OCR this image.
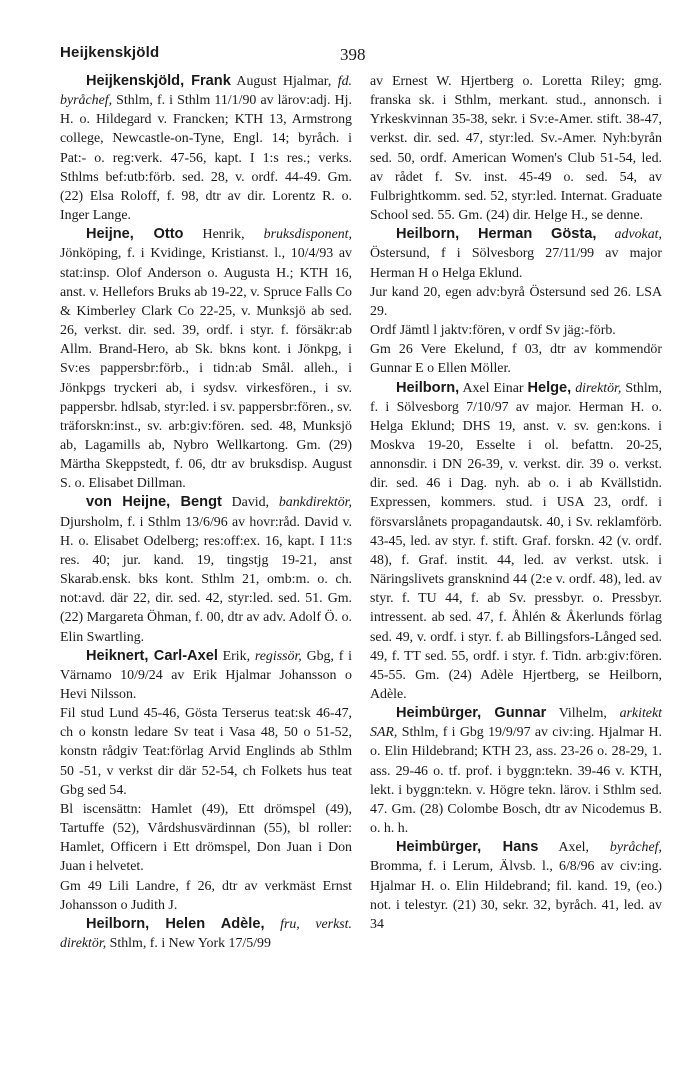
Heijkenskjöld	398

Heijkenskjöld, Frank August Hjalmar, fd. byråchef, Sthlm, f. i Sthlm 11/1/90 av lärov:adj. Hj. H. o. Hildegard v. Francken; KTH 13, Armstrong college, Newcastle-on-Tyne, Engl. 14; byråch. i Pat:- o. reg:verk. 47-56, kapt. I 1:s res.; verks. Sthlms bef:utb:förb. sed. 28, v. ordf. 44-49. Gm. (22) Elsa Roloff, f. 98, dtr av dir. Lorentz R. o. Inger Lange.

Heijne, Otto Henrik, bruksdisponent, Jönköping, f. i Kvidinge, Kristianst. l., 10/4/93 av stat:insp. Olof Anderson o. Augusta H.; KTH 16, anst. v. Hellefors Bruks ab 19-22, v. Spruce Falls Co & Kimberley Clark Co 22-25, v. Munksjö ab sed. 26, verkst. dir. sed. 39, ordf. i styr. f. försäkr:ab Allm. Brand-Hero, ab Sk. bkns kont. i Jönkpg, i Sv:es pappersbr:förb., i tidn:ab Smål. alleh., i Jönkpgs tryckeri ab, i sydsv. virkesfören., i sv. pappersbr. hdlsab, styr:led. i sv. pappersbr:fören., sv. träforskn:inst., sv. arb:giv:fören. sed. 48, Munksjö ab, Lagamills ab, Nybro Wellkartong. Gm. (29) Märtha Skeppstedt, f. 06, dtr av bruksdisp. August S. o. Elisabet Dillman.

von Heijne, Bengt David, bankdirektör, Djursholm, f. i Sthlm 13/6/96 av hovr:råd. David v. H. o. Elisabet Odelberg; res:off:ex. 16, kapt. I 11:s res. 40; jur. kand. 19, tingstjg 19-21, anst Skarab.ensk. bks kont. Sthlm 21, omb:m. o. ch. not:avd. där 22, dir. sed. 42, styr:led. sed. 51. Gm. (22) Margareta Öhman, f. 00, dtr av adv. Adolf Ö. o. Elin Swartling.

Heiknert, Carl-Axel Erik, regissör, Gbg, f i Värnamo 10/9/24 av Erik Hjalmar Johansson o Hevi Nilsson.

Fil stud Lund 45-46, Gösta Terserus teat:sk 46-47, ch o konstn ledare Sv teat i Vasa 48, 50 o 51-52, konstn rådgiv Teat:förlag Arvid Englinds ab Sthlm 50 -51, v verkst dir där 52-54, ch Folkets hus teat Gbg sed 54.

Bl iscensättn: Hamlet (49), Ett drömspel (49), Tartuffe (52), Vårdshusvärdinnan (55), bl roller: Hamlet, Officern i Ett drömspel, Don Juan i Don Juan i helvetet.

Gm 49 Lili Landre, f 26, dtr av verkmäst Ernst Johansson o Judith J.

Heilborn, Helen Adèle, fru, verkst. direktör, Sthlm, f. i New York 17/5/99

av Ernest W. Hjertberg o. Loretta Riley; gmg. franska sk. i Sthlm, merkant. stud., annonsch. i Yrkeskvinnan 35-38, sekr. i Sv:e-Amer. stift. 38-47, verkst. dir. sed. 47, styr:led. Sv.-Amer. Nyh:byrån sed. 50, ordf. American Women's Club 51-54, led. av rådet f. Sv. inst. 45-49 o. sed. 54, av Fulbrightkomm. sed. 52, styr:led. Internat. Graduate School sed. 55. Gm. (24) dir. Helge H., se denne.

Heilborn, Herman Gösta, advokat, Östersund, f i Sölvesborg 27/11/99 av major Herman H o Helga Eklund.

Jur kand 20, egen adv:byrå Östersund sed 26. LSA 29.

Ordf Jämtl l jaktv:fören, v ordf Sv jäg:-förb.

Gm 26 Vere Ekelund, f 03, dtr av kommendör Gunnar E o Ellen Möller.

Heilborn, Axel Einar Helge, direktör, Sthlm, f. i Sölvesborg 7/10/97 av major. Herman H. o. Helga Eklund; DHS 19, anst. v. sv. gen:kons. i Moskva 19-20, Esselte i ol. befattn. 20-25, annonsdir. i DN 26-39, v. verkst. dir. 39 o. verkst. dir. sed. 46 i Dag. nyh. ab o. i ab Kvällstidn. Expressen, kommers. stud. i USA 23, ordf. i försvarslånets propagandautsk. 40, i Sv. reklamförb. 43-45, led. av styr. f. stift. Graf. forskn. 42 (v. ordf. 48), f. Graf. instit. 44, led. av verkst. utsk. i Näringslivets gransknind 44 (2:e v. ordf. 48), led. av styr. f. TU 44, f. ab Sv. pressbyr. o. Pressbyr. intressent. ab sed. 47, f. Åhlén & Åkerlunds förlag sed. 49, v. ordf. i styr. f. ab Billingsfors-Långed sed. 49, f. TT sed. 55, ordf. i styr. f. Tidn. arb:giv:fören. 45-55. Gm. (24) Adèle Hjertberg, se Heilborn, Adèle.

Heimbürger, Gunnar Vilhelm, arkitekt SAR, Sthlm, f i Gbg 19/9/97 av civ:ing. Hjalmar H. o. Elin Hildebrand; KTH 23, ass. 23-26 o. 28-29, 1. ass. 29-46 o. tf. prof. i byggn:tekn. 39-46 v. KTH, lekt. i byggn:tekn. v. Högre tekn. lärov. i Sthlm sed. 47. Gm. (28) Colombe Bosch, dtr av Nicodemus B. o. h. h.

Heimbürger, Hans Axel, byråchef, Bromma, f. i Lerum, Älvsb. l., 6/8/96 av civ:ing. Hjalmar H. o. Elin Hildebrand; fil. kand. 19, (eo.) not. i telestyr. (21) 30, sekr. 32, byråch. 41, led. av 34
